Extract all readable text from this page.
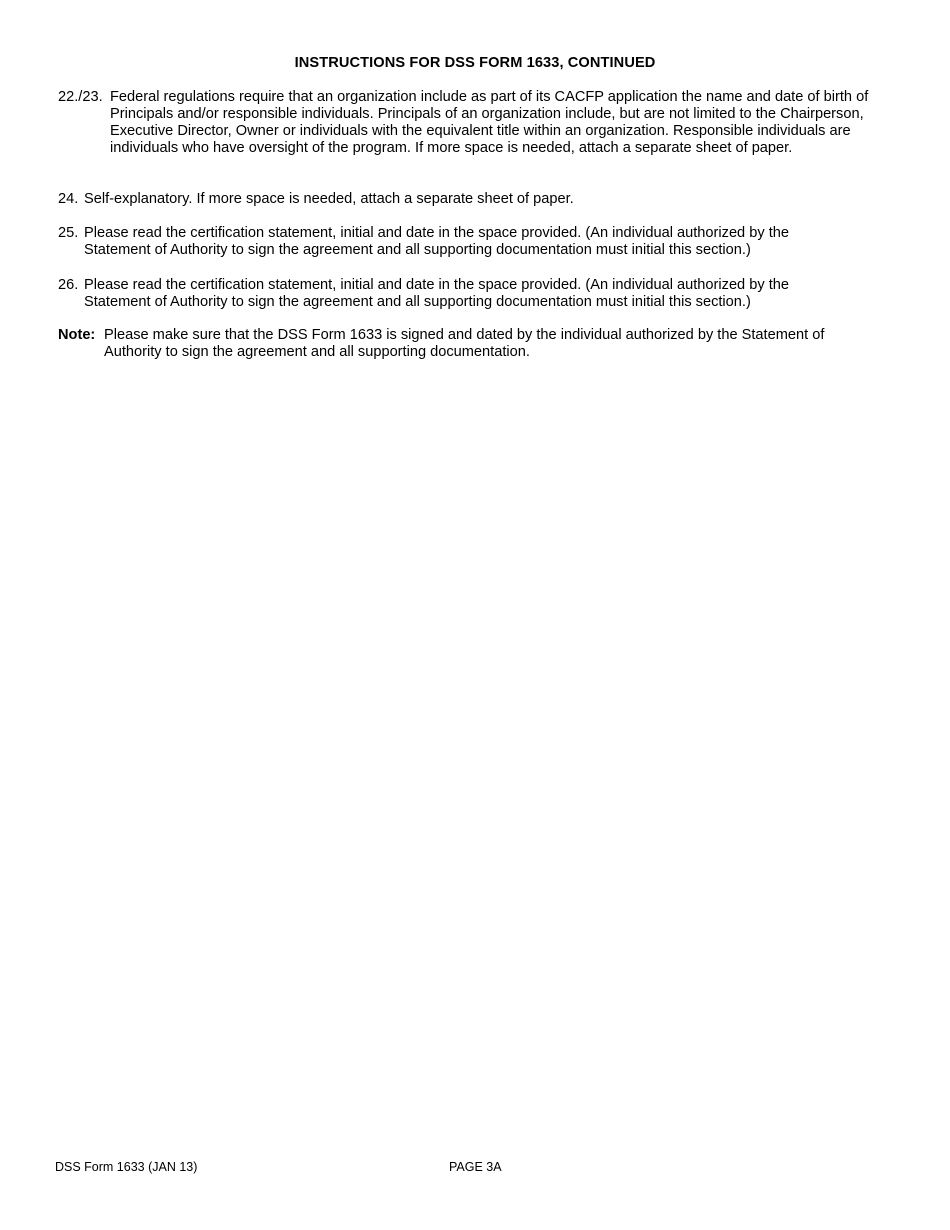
INSTRUCTIONS FOR DSS FORM 1633, CONTINUED
22./23. Federal regulations require that an organization include as part of its CACFP application the name and date of birth of Principals and/or responsible individuals. Principals of an organization include, but are not limited to the Chairperson, Executive Director, Owner or individuals with the equivalent title within an organization. Responsible individuals are individuals who have oversight of the program. If more space is needed, attach a separate sheet of paper.
24. Self-explanatory. If more space is needed, attach a separate sheet of paper.
25. Please read the certification statement, initial and date in the space provided. (An individual authorized by the Statement of Authority to sign the agreement and all supporting documentation must initial this section.)
26. Please read the certification statement, initial and date in the space provided. (An individual authorized by the Statement of Authority to sign the agreement and all supporting documentation must initial this section.)
Note: Please make sure that the DSS Form 1633 is signed and dated by the individual authorized by the Statement of Authority to sign the agreement and all supporting documentation.
DSS Form 1633 (JAN 13)	PAGE 3A
